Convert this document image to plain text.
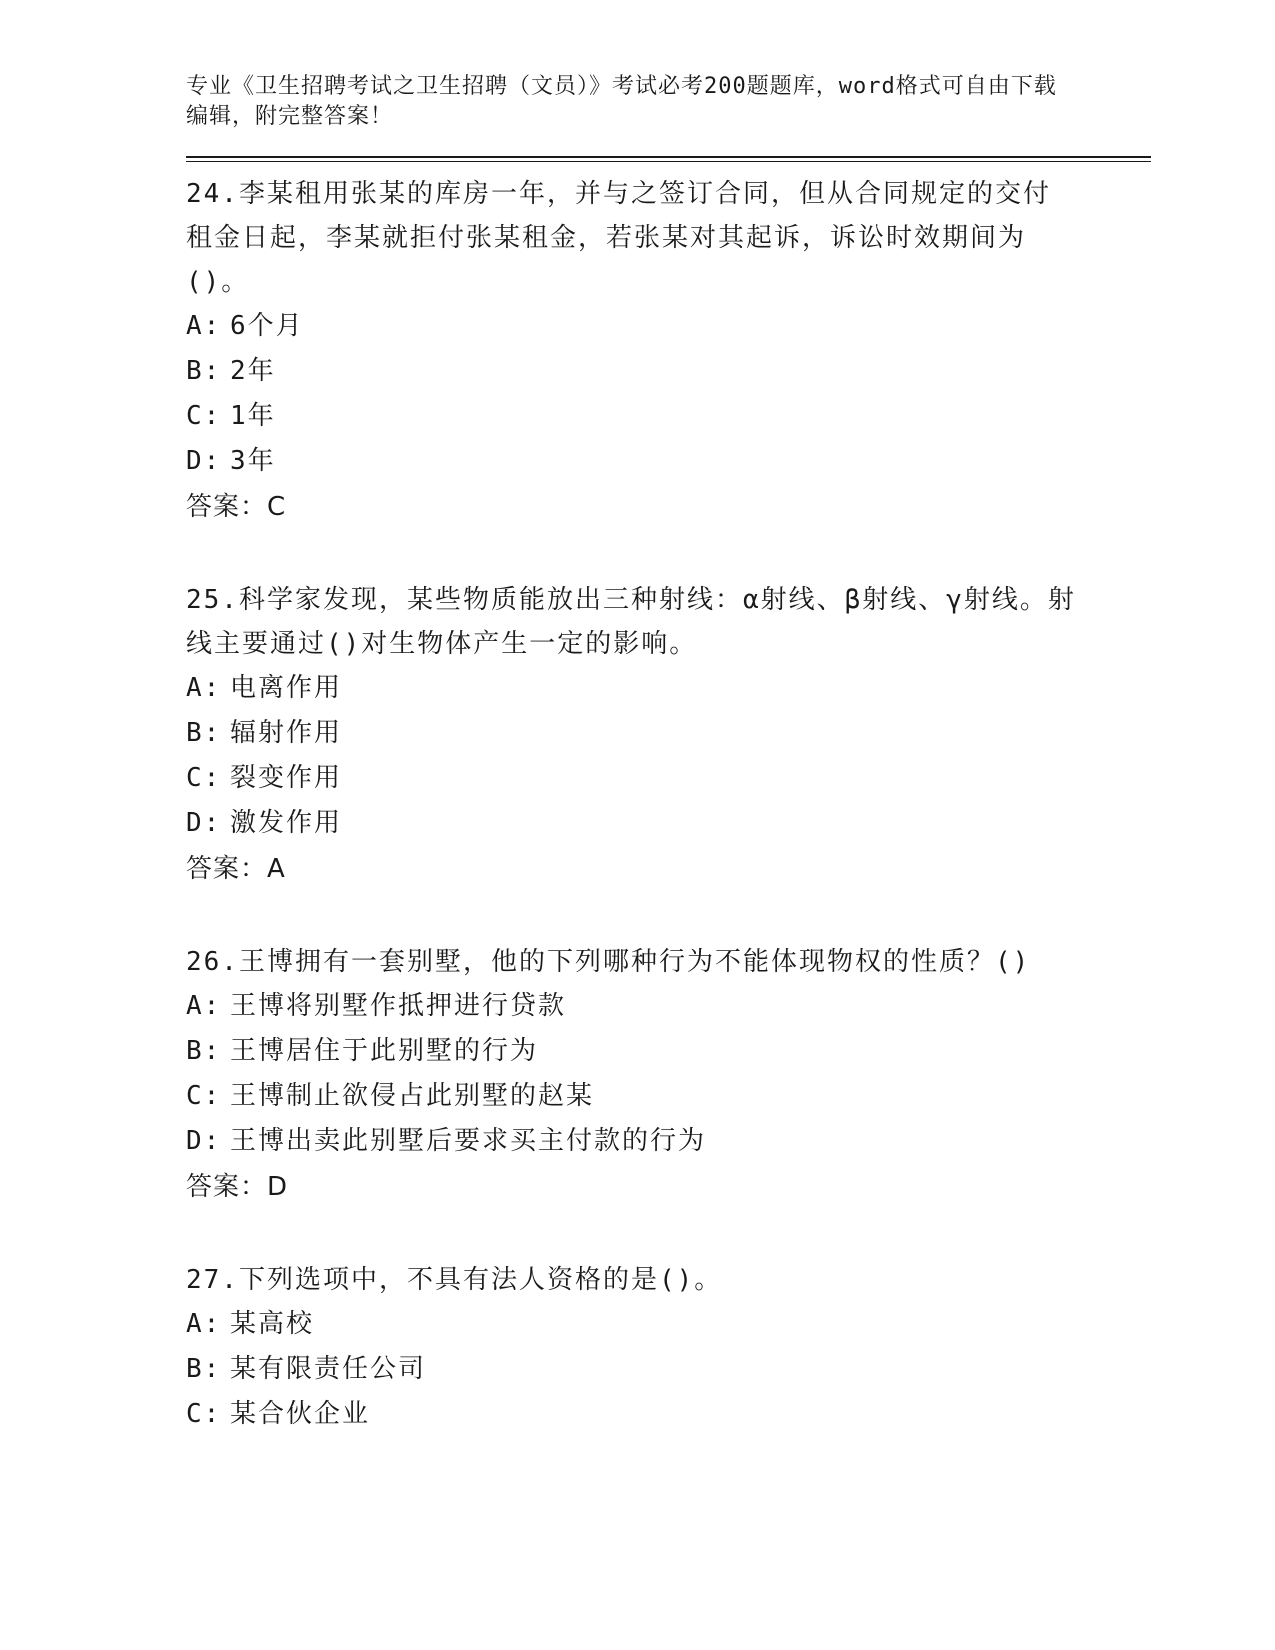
专业《卫生招聘考试之卫生招聘（文员）》考试必考200题题库，word格式可自由下载编辑，附完整答案！

24.李某租用张某的库房一年，并与之签订合同，但从合同规定的交付租金日起，李某就拒付张某租金，若张某对其起诉，诉讼时效期间为()。

A: 6个月

B: 2年

C: 1年

D: 3年

答案：C

25.科学家发现，某些物质能放出三种射线：α射线、β射线、γ射线。射线主要通过()对生物体产生一定的影响。

A: 电离作用

B: 辐射作用

C: 裂变作用

D: 激发作用

答案：A

26.王博拥有一套别墅，他的下列哪种行为不能体现物权的性质？()

A: 王博将别墅作抵押进行贷款

B: 王博居住于此别墅的行为

C: 王博制止欲侵占此别墅的赵某

D: 王博出卖此别墅后要求买主付款的行为

答案：D

27.下列选项中，不具有法人资格的是()。

A: 某高校

B: 某有限责任公司

C: 某合伙企业
